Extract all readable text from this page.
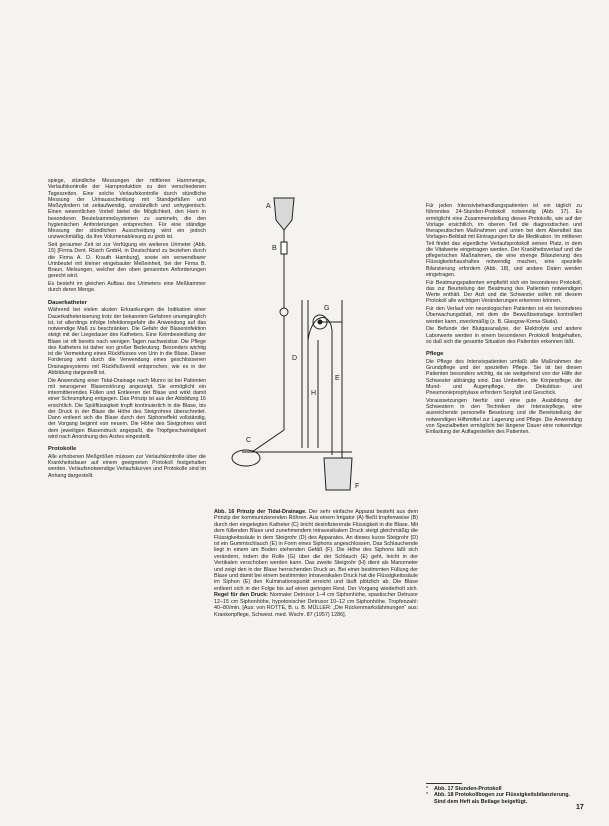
spiege, stündliche Messungen der mittleren Harnmenge, Verlaufskontrolle der Harnproduktion zu den verschiedenen Tageszeiten. Eine solche Verlaufskontrolle durch stündliche Messung der Urinausscheidung mit Standgefäßen und Meßzylindern ist zeitaufwendig, umständlich und unhygienisch. Einen wesentlichen Vorteil bietet die Möglichkeit, den Harn in besonderen Beutelsammelsystemen zu sammeln, die den hygienischen Anforderungen entsprechen. Für eine ständige Messung der stündlichen Ausscheidung wird ein jedoch unzweckmäßig, da ihre Volumenablesung zu grob ist.

Seit geraumer Zeit ist zur Verfügung ein weiteres Urimeter (Abb. 15) [Firma Dent. Rüsch GmbH, in Deutschland zu beziehen durch die Firma A. D. Krauth Hamburg], sowie ein verwendbarer Urinbeutel mit kleiner eingebauter Meßeinheit, bei der Firma B. Braun, Melsungen, welcher den oben genannten Anforderungen gerecht wird.

Es besteht im gleichen Aufbau des Urimeters eine Meßkammer durch deren Menge.

Dauerkatheter

Während bei vielen akuten Erkrankungen die Indikation einer Dauerkatheterisierung trotz der bekannten Gefahren unumgänglich ist, ist allerdings infolge Infektionsgefahr die Anwendung auf das notwendige Maß zu beschränken. Die Gefahr der Blaseninfektion steigt mit der Liegedauer des Katheters. Eine Keimbesiedlung der Blase ist oft bereits nach wenigen Tagen nachweisbar. Die Pflege des Katheters ist daher von großer Bedeutung. Besonders wichtig ist die Vermeidung eines Rückflusses von Urin in die Blase. Dieser Forderung wird durch die Verwendung eines geschlossenen Drainagesystems mit Rückflußventil entsprochen, wie es in der Abbildung dargestellt ist.

Die Anwendung einer Tidal-Drainage nach Munro ist bei Patienten mit neurogener Blasenstörung angezeigt. Sie ermöglicht ein intermittierendes Füllen und Entleeren der Blase und wirkt damit einer Schrumpfung entgegen. Das Prinzip ist aus der Abbildung 16 ersichtlich. Die Spülflüssigkeit tropft kontinuierlich in die Blase, bis der Druck in der Blase die Höhe des Steigrohres überschreitet. Dann entleert sich die Blase durch den Siphoneffekt vollständig, der Vorgang beginnt von neuem. Die Höhe des Steigrohres wird dem jeweiligen Blasendruck angepaßt, die Tropfgeschwindigkeit wird nach Anordnung des Arztes eingestellt.

Protokolle

Alle erhobenen Meßgrößen müssen zur Verlaufskontrolle über die Krankheitsdauer auf einem geeigneten Protokoll festgehalten werden. Verlaufsnotwendige Verlaufskurven und Protokolle sind im Anhang dargestellt.

A
B
C
D
E
F
G
H
Abb. 16 Prinzip der Tidal-Drainage. Der sehr einfache Apparat besteht aus dem Prinzip der kommunizierenden Röhren. Aus einem Irrigator (A) fließt tropfenweise (B) durch den eingelegten Katheter (C) leicht desinfizierende Flüssigkeit in die Blase. Mit dem füllenden Blase und zunehmendem intravesikalem Druck steigt gleichmäßig die Flüssigkeitssäule in dem Steigrohr (D) des Apparates. An dieses kurze Steigrohr (D) ist ein Gummischlauch (E) in Form eines Siphons angeschlossen. Das Schlauchende liegt in einem am Boden stehenden Gefäß (F). Die Höhe des Siphons läßt sich verändern, indem die Rolle (G) über die der Schlauch (E) geht, leicht in der Vertikalen verschoben werden kann. Das zweite Steigrohr (H) dient als Manometer und zeigt den in der Blase herrschenden Druck an. Bei einer bestimmten Füllung der Blase und damit bei einem bestimmten intravesikalen Druck hat die Flüssigkeitssäule im Siphon (E) den Kulminationspunkt erreicht und läuft plötzlich ab. Die Blase entleert sich in der Folge bis auf einen geringen Rest. Der Vorgang wiederholt sich. Regel für den Druck: Normaler Detrusor 1–4 cm Siphonhöhe, spastischer Detrusor 12–15 cm Siphonhöhe, hypotonischer Detrusor 10–12 cm Siphonhöhe. Tropfenzahl: 40–80/min. [Aus: von ROTTE, B. u. B. MÜLLER: „Die Rückenmarkslähmungen“ aus: Krankenpflege, Schwest. med. Wschr. 87 (1957) 1286].

Für jeden Intensivbehandlungspatienten ist ein täglich zu führendes 24-Stunden-Protokoll notwendig (Abb. 17). Es ermöglicht eine Zusammenstellung dieses Protokolls, wie auf der Vorlage ersichtlich, im oberen Teil die diagnostischen und therapeutischen Maßnahmen und unten bei dem Abendteil das Vorlagen-Beiblatt mit Eintragungen für die Medikation. Im mittleren Teil findet das eigentliche Verlaufsprotokoll seinen Platz, in dem die Vitalwerte eingetragen werden. Der Krankheitsverlauf und die pflegerischen Maßnahmen, die eine strenge Bilanzierung des Flüssigkeitshaushaltes notwendig machen, eine spezielle Bilanzierung erfordern (Abb. 18), und andere Daten werden eingetragen.

Für Beatmungspatienten empfiehlt sich ein besonderes Protokoll, das zur Beurteilung der Beatmung des Patienten notwendigen Werte enthält. Der Arzt und die Schwester sollen mit diesem Protokoll alle wichtigen Veränderungen erkennen können.

Für den Verlauf von neurologischen Patienten ist ein besonderes Überwachungsblatt, mit dem die Bewußtseinslage kontrolliert werden kann, zweckmäßig (z. B. Glasgow-Koma-Skala).

Die Befunde der Blutgasanalyse, der Elektrolyte und andere Laborwerte werden in einem besonderen Protokoll festgehalten, so daß sich die gesamte Situation des Patienten erkennen läßt.

Pflege

Die Pflege des Intensivpatienten umfaßt alle Maßnahmen der Grundpflege und der speziellen Pflege. Sie ist bei diesen Patienten besonders wichtig, da sie weitgehend von der Hilfe der Schwester abhängig sind. Das Umbetten, die Körperpflege, die Mund- und Augenpflege, die Dekubitus- und Pneumonieprophylaxe erfordern Sorgfalt und Geschick.

Voraussetzungen hierfür sind eine gute Ausbildung der Schwestern in den Techniken der Intensivpflege, eine ausreichende personelle Besetzung und die Bereitstellung der notwendigen Hilfsmittel zur Lagerung und Pflege. Die Anwendung von Spezialbetten ermöglicht bei längerer Dauer eine notwendige Entlastung der Auflagestellen des Patienten.

*	Abb. 17 Stunden-Protokoll
*	Abb. 18 Protokollbogen zur Flüssigkeitsbilanzierung.
Sind dem Heft als Beilage beigefügt.
17
